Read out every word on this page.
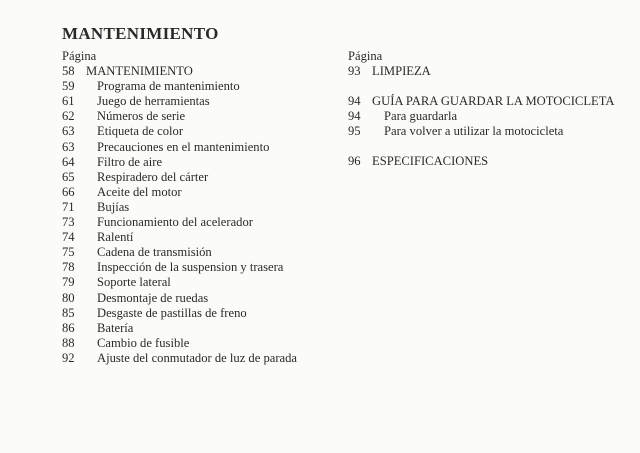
MANTENIMIENTO
Página
58 MANTENIMIENTO
59 Programa de mantenimiento
61 Juego de herramientas
62 Números de serie
63 Etiqueta de color
63 Precauciones en el mantenimiento
64 Filtro de aire
65 Respiradero del cárter
66 Aceite del motor
71 Bujías
73 Funcionamiento del acelerador
74 Ralentí
75 Cadena de transmisión
78 Inspección de la suspension y trasera
79 Soporte lateral
80 Desmontaje de ruedas
85 Desgaste de pastillas de freno
86 Batería
88 Cambio de fusible
92 Ajuste del conmutador de luz de parada
Página
93 LIMPIEZA
94 GUÍA PARA GUARDAR LA MOTOCICLETA
94 Para guardarla
95 Para volver a utilizar la motocicleta
96 ESPECIFICACIONES
